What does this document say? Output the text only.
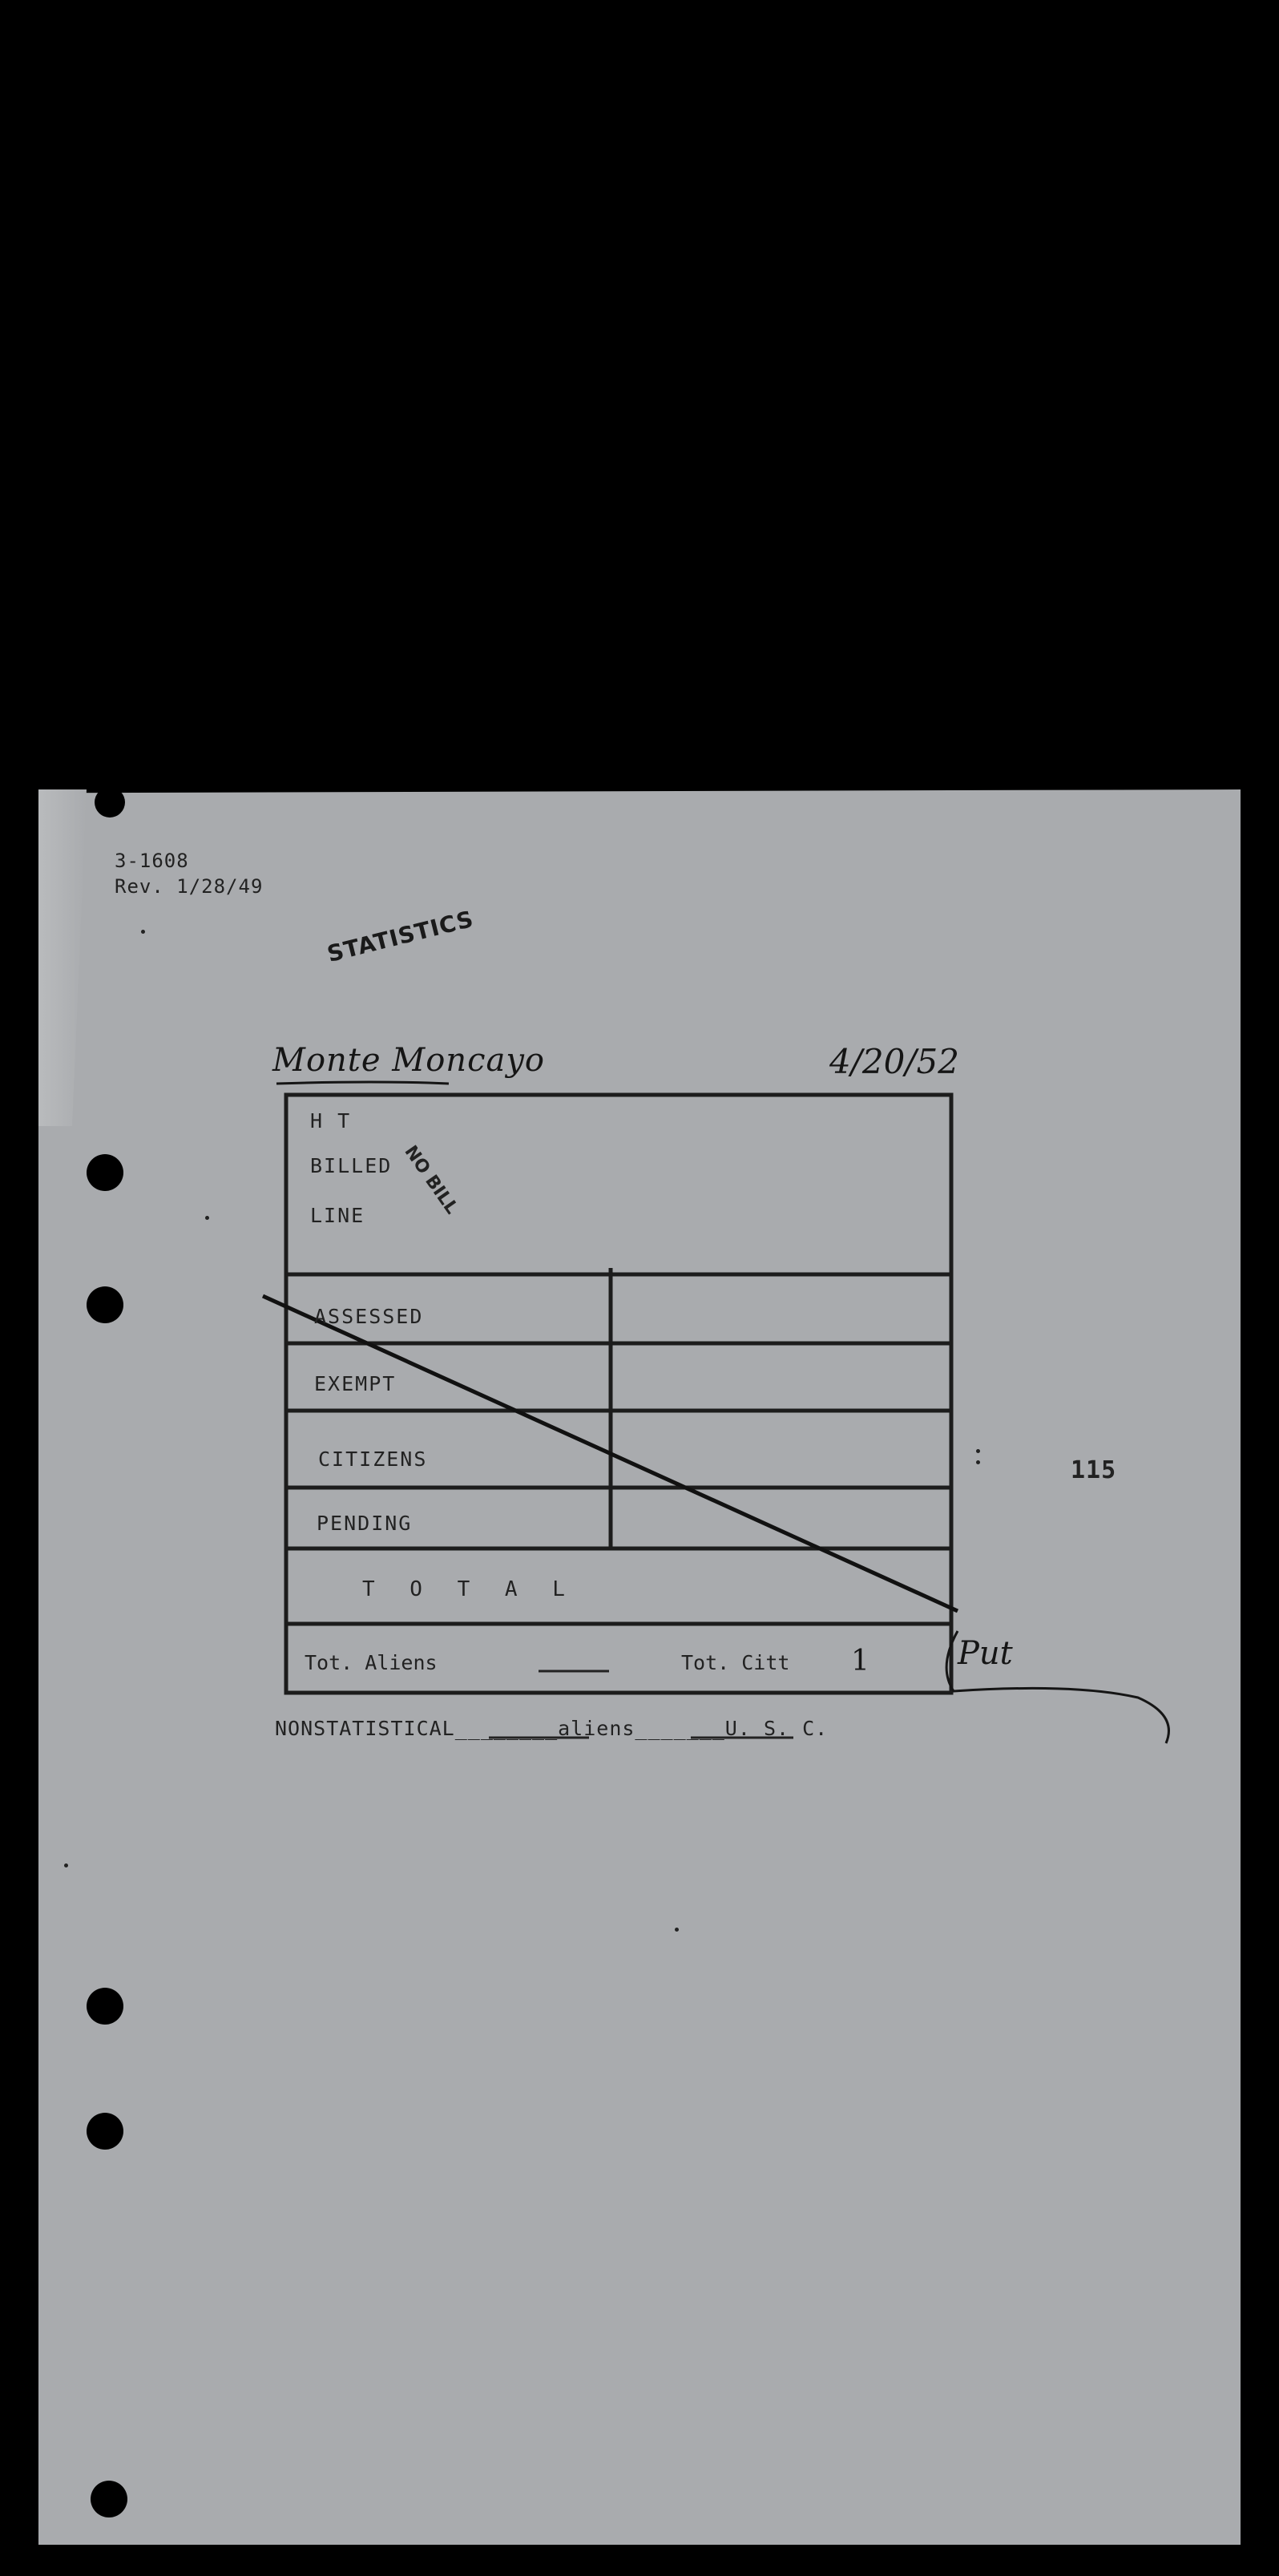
3-1608
Rev. 1/28/49
STATISTICS
Monte Moncayo	4/20/52
H T
BILLED
LINE NO BILL
ASSESSED
EXEMPT
CITIZENS
PENDING
T O T A L
Tot. Aliens	Tot. Citt 1	Put
NONSTATISTICAL________aliens_______U. S. C.
115
